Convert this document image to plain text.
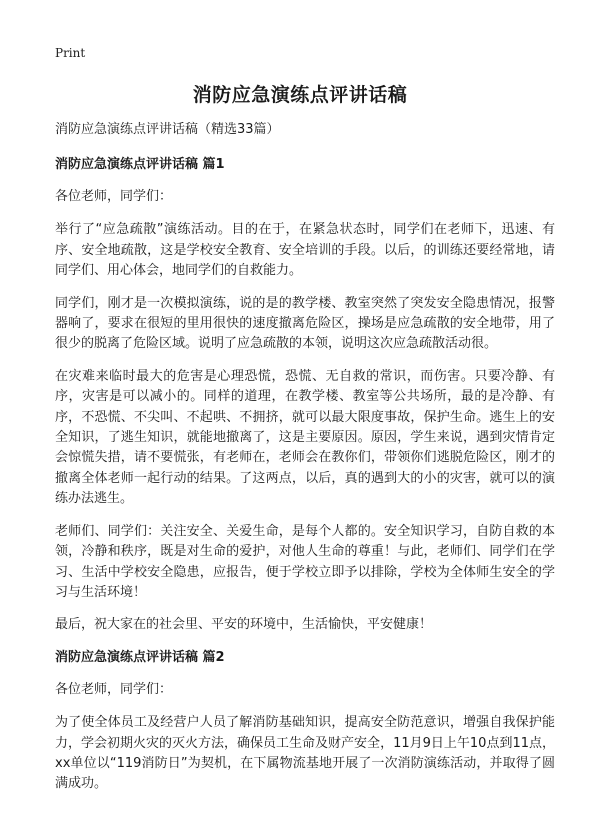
Print
消防应急演练点评讲话稿

消防应急演练点评讲话稿（精选33篇）

消防应急演练点评讲话稿 篇1

各位老师，同学们：

举行了“应急疏散”演练活动。目的在于，在紧急状态时，同学们在老师下，迅速、有序、安全地疏散，这是学校安全教育、安全培训的手段。以后，的训练还要经常地，请同学们、用心体会，地同学们的自救能力。

同学们，刚才是一次模拟演练，说的是的教学楼、教室突然了突发安全隐患情况，报警器响了，要求在很短的里用很快的速度撤离危险区，操场是应急疏散的安全地带，用了很少的脱离了危险区域。说明了应急疏散的本领，说明这次应急疏散活动很。

在灾难来临时最大的危害是心理恐慌，恐慌、无自救的常识，而伤害。只要冷静、有序，灾害是可以减小的。同样的道理，在教学楼、教室等公共场所，最的是冷静、有序，不恐慌、不尖叫、不起哄、不拥挤，就可以最大限度事故，保护生命。逃生上的安全知识，了逃生知识，就能地撤离了，这是主要原因。原因，学生来说，遇到灾情肯定会惊慌失措，请不要慌张，有老师在，老师会在教你们，带领你们逃脱危险区，刚才的撤离全体老师一起行动的结果。了这两点，以后，真的遇到大的小的灾害，就可以的演练办法逃生。

老师们、同学们：关注安全、关爱生命，是每个人都的。安全知识学习，自防自救的本领，冷静和秩序，既是对生命的爱护，对他人生命的尊重！与此，老师们、同学们在学习、生活中学校安全隐患，应报告，便于学校立即予以排除，学校为全体师生安全的学习与生活环境！

最后，祝大家在的社会里、平安的环境中，生活愉快，平安健康！

消防应急演练点评讲话稿 篇2

各位老师，同学们：

为了使全体员工及经营户人员了解消防基础知识，提高安全防范意识，增强自我保护能力，学会初期火灾的灭火方法，确保员工生命及财产安全，11月9日上午10点到11点，xx单位以“119消防日”为契机，在下属物流基地开展了一次消防演练活动，并取得了圆满成功。
